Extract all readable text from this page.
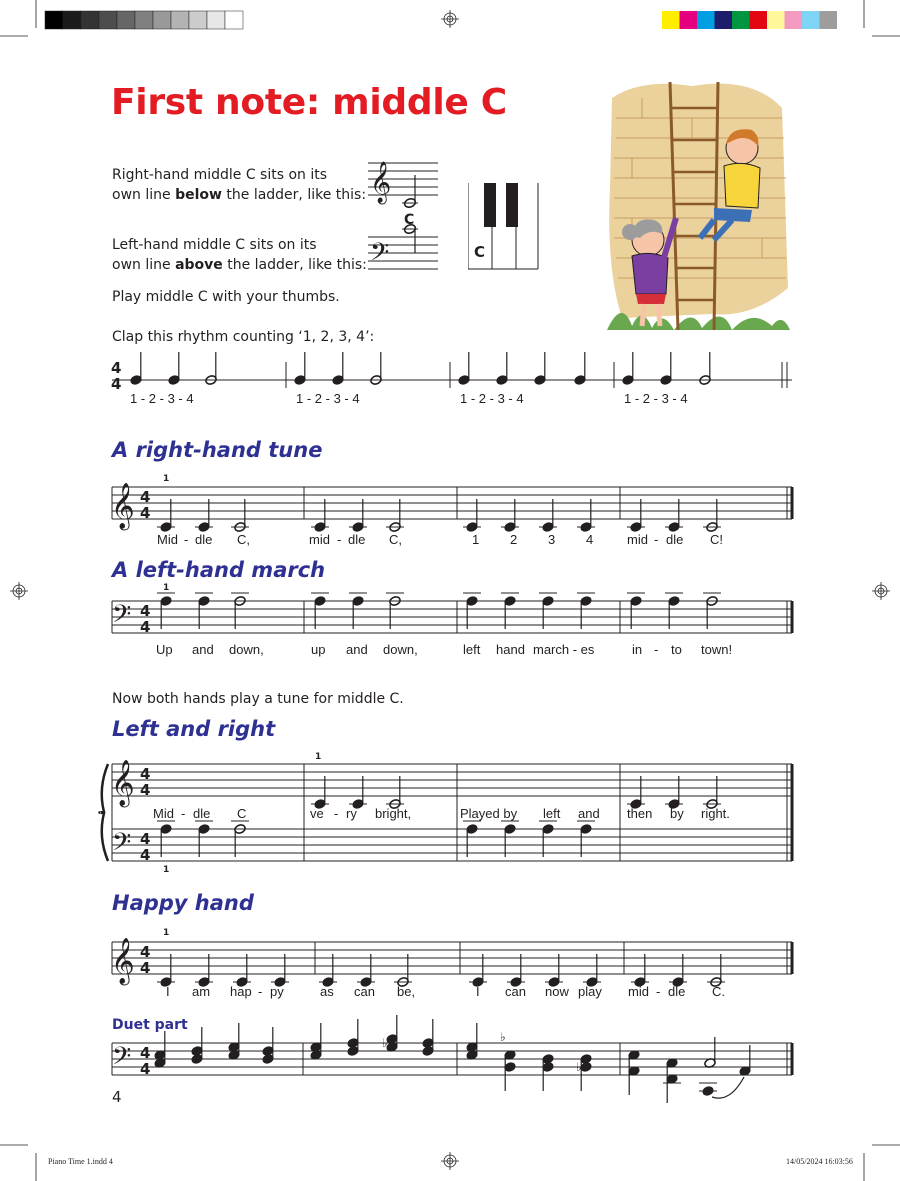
First note: middle C
Right-hand middle C sits on its
own line below the ladder, like this:
Left-hand middle C sits on its
own line above the ladder, like this:
Play middle C with your thumbs.
Clap this rhythm counting ‘1, 2, 3, 4’:
𝄞
𝄢
C
C
4
4
𝄞 4
4
𝄢 4
4
𝄞
𝄢
4
4
4
4
𝄞 4
4
𝄢 4
4
♭	♭
♭
1 - 2 - 3 - 4	1 - 2 - 3 - 4	1 - 2 - 3 - 4	1 - 2 - 3 - 4
A right-hand tune
A left-hand march
Now both hands play a tune for middle C.
Left and right
Happy hand
Duet part
1
1
1
1
1
Mid - dle C,	mid - dle C,	1 2 3 4	mid - dle C!
Up and down,	up and down,	left hand march - es	in - to town!
Mid - dle C	ve - ry bright,	Played by left and then by right.
I am hap - py	as can be,	I can now play mid - dle C.
4
Piano Time 1.indd 4	14/05/2024 16:03:56
